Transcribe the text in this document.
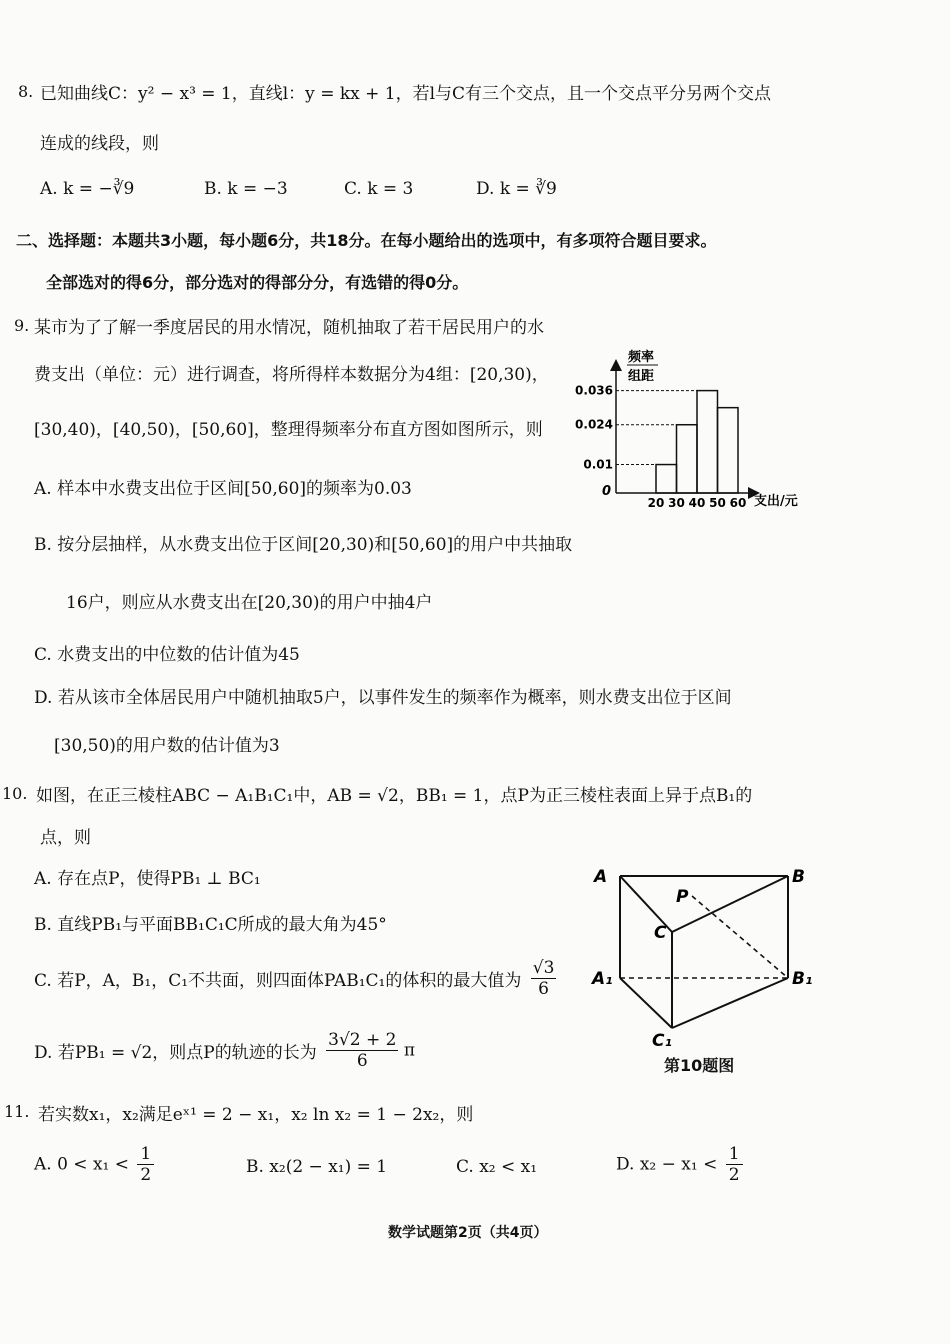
8. 已知曲线C：y² − x³ = 1，直线l：y = kx + 1，若l与C有三个交点，且一个交点平分另两个交点
连成的线段，则
A. k = −∛9	B. k = −3	C. k = 3	D. k = ∛9
二、选择题：本题共3小题，每小题6分，共18分。在每小题给出的选项中，有多项符合题目要求。
全部选对的得6分，部分选对的得部分分，有选错的得0分。
9. 某市为了了解一季度居民的用水情况，随机抽取了若干居民用户的水
费支出（单位：元）进行调查，将所得样本数据分为4组：[20,30)，
[30,40)，[40,50)，[50,60]，整理得频率分布直方图如图所示，则
A. 样本中水费支出位于区间[50,60]的频率为0.03
B. 按分层抽样，从水费支出位于区间[20,30)和[50,60]的用户中共抽取
16户，则应从水费支出在[20,30)的用户中抽4户
C. 水费支出的中位数的估计值为45
D. 若从该市全体居民用户中随机抽取5户，以事件发生的频率作为概率，则水费支出位于区间
[30,50)的用户数的估计值为3
0.036
0.024
0.01
20 30 40 50 60
频率
组距
0
支出/元
10. 如图，在正三棱柱ABC − A₁B₁C₁中，AB = √2，BB₁ = 1，点P为正三棱柱表面上异于点B₁的
点，则
A. 存在点P，使得PB₁ ⊥ BC₁
B. 直线PB₁与平面BB₁C₁C所成的最大角为45°
C. 若P，A，B₁，C₁不共面，则四面体PAB₁C₁的体积的最大值为 $\frac{√3}{6}$
D. 若PB₁ = √2，则点P的轨迹的长为 $\frac{3√2 + 2}{6}$ π
A	B
P
C
A₁	B₁
C₁
第10题图
11. 若实数x₁，x₂满足eˣ¹ = 2 − x₁，x₂ ln x₂ = 1 − 2x₂，则
A. $0 < x_1 < \frac{1}{2}$	B. x₂(2 − x₁) = 1	C. x₂ < x₁	D. $x_2 - x_1 < \frac{1}{2}$
数学试题第2页（共4页）
